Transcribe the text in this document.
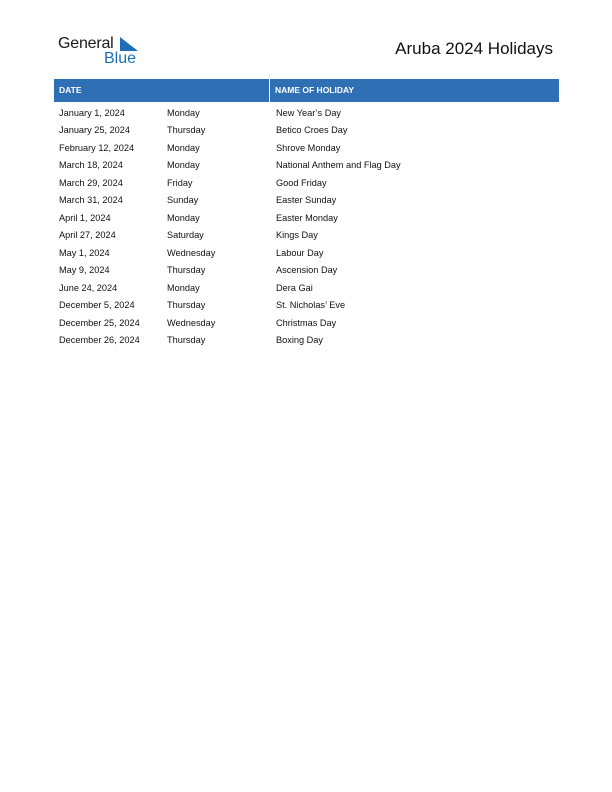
General
Blue
Aruba 2024 Holidays
DATE	NAME OF HOLIDAY
January 1, 2024	Monday	New Year’s Day
January 25, 2024	Thursday	Betico Croes Day
February 12, 2024	Monday	Shrove Monday
March 18, 2024	Monday	National Anthem and Flag Day
March 29, 2024	Friday	Good Friday
March 31, 2024	Sunday	Easter Sunday
April 1, 2024	Monday	Easter Monday
April 27, 2024	Saturday	Kings Day
May 1, 2024	Wednesday	Labour Day
May 9, 2024	Thursday	Ascension Day
June 24, 2024	Monday	Dera Gai
December 5, 2024	Thursday	St. Nicholas’ Eve
December 25, 2024	Wednesday	Christmas Day
December 26, 2024	Thursday	Boxing Day
